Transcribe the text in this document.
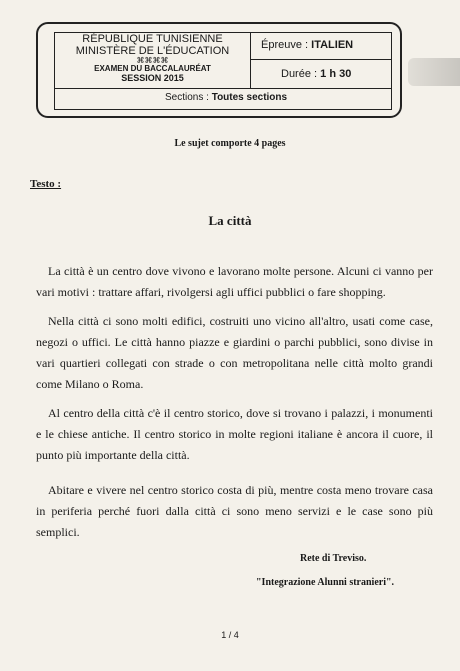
RÉPUBLIQUE TUNISIENNE
MINISTÈRE DE L'ÉDUCATION
⌘⌘⌘⌘
EXAMEN DU BACCALAURÉAT
SESSION 2015
Épreuve : ITALIEN
Durée : 1 h 30
Sections : Toutes sections
Le sujet comporte 4 pages
Testo :
La città

La città è un centro dove vivono e lavorano molte persone. Alcuni ci vanno per vari motivi : trattare affari, rivolgersi agli uffici pubblici o fare shopping.

Nella città ci sono molti edifici, costruiti uno vicino all'altro, usati come case, negozi o uffici. Le città hanno piazze e giardini o parchi pubblici, sono divise in vari quartieri collegati con strade o con metropolitana nelle città molto grandi come Milano o Roma.

Al centro della città c'è il centro storico, dove si trovano i palazzi, i monumenti e le chiese antiche. Il centro storico in molte regioni italiane è ancora il cuore, il punto più importante della città.

Abitare e vivere nel centro storico costa di più, mentre costa meno trovare casa in periferia perché fuori dalla città ci sono meno servizi e le case sono più semplici.

Rete di Treviso.
"Integrazione Alunni stranieri".
1 / 4
